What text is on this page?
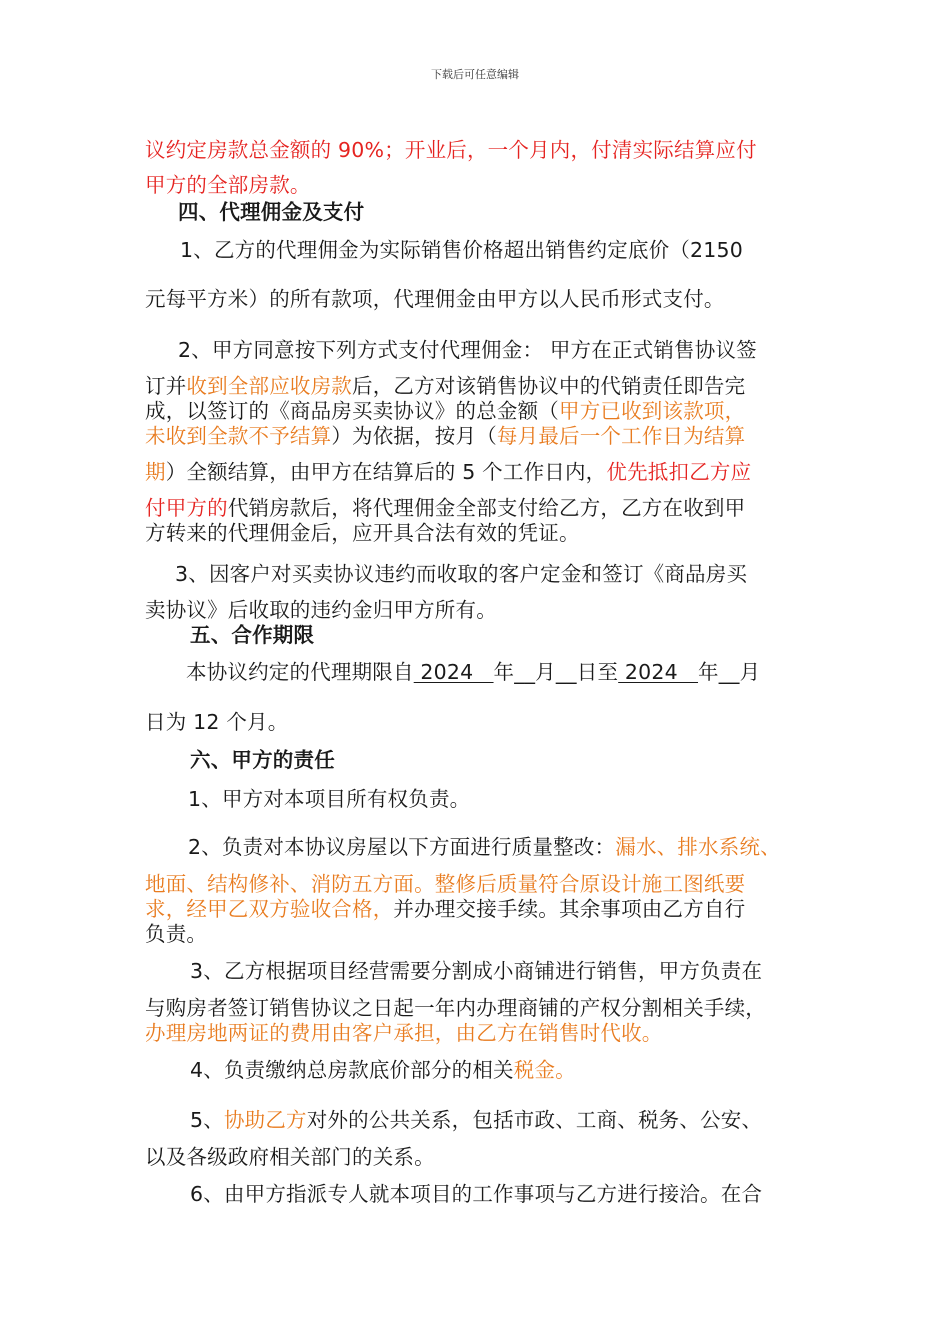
下载后可任意编辑
议约定房款总金额的 90%；开业后，一个月内，付清实际结算应付
甲方的全部房款。
四、代理佣金及支付
1、乙方的代理佣金为实际销售价格超出销售约定底价（2150
元每平方米）的所有款项，代理佣金由甲方以人民币形式支付。
2、甲方同意按下列方式支付代理佣金： 甲方在正式销售协议签
订并收到全部应收房款后，乙方对该销售协议中的代销责任即告完
成，以签订的《商品房买卖协议》的总金额（甲方已收到该款项，
未收到全款不予结算）为依据，按月（每月最后一个工作日为结算
期）全额结算，由甲方在结算后的 5 个工作日内，优先抵扣乙方应
付甲方的代销房款后，将代理佣金全部支付给乙方，乙方在收到甲
方转来的代理佣金后，应开具合法有效的凭证。
3、因客户对买卖协议违约而收取的客户定金和签订《商品房买
卖协议》后收取的违约金归甲方所有。
五、合作期限
本协议约定的代理期限自 2024   年__月__日至 2024   年__月
日为 12 个月。
六、甲方的责任
1、甲方对本项目所有权负责。
2、负责对本协议房屋以下方面进行质量整改：漏水、排水系统、
地面、结构修补、消防五方面。整修后质量符合原设计施工图纸要
求，经甲乙双方验收合格，并办理交接手续。其余事项由乙方自行
负责。
3、乙方根据项目经营需要分割成小商铺进行销售，甲方负责在
与购房者签订销售协议之日起一年内办理商铺的产权分割相关手续，
办理房地两证的费用由客户承担，由乙方在销售时代收。
4、负责缴纳总房款底价部分的相关税金。
5、协助乙方对外的公共关系，包括市政、工商、税务、公安、
以及各级政府相关部门的关系。
6、由甲方指派专人就本项目的工作事项与乙方进行接洽。在合
